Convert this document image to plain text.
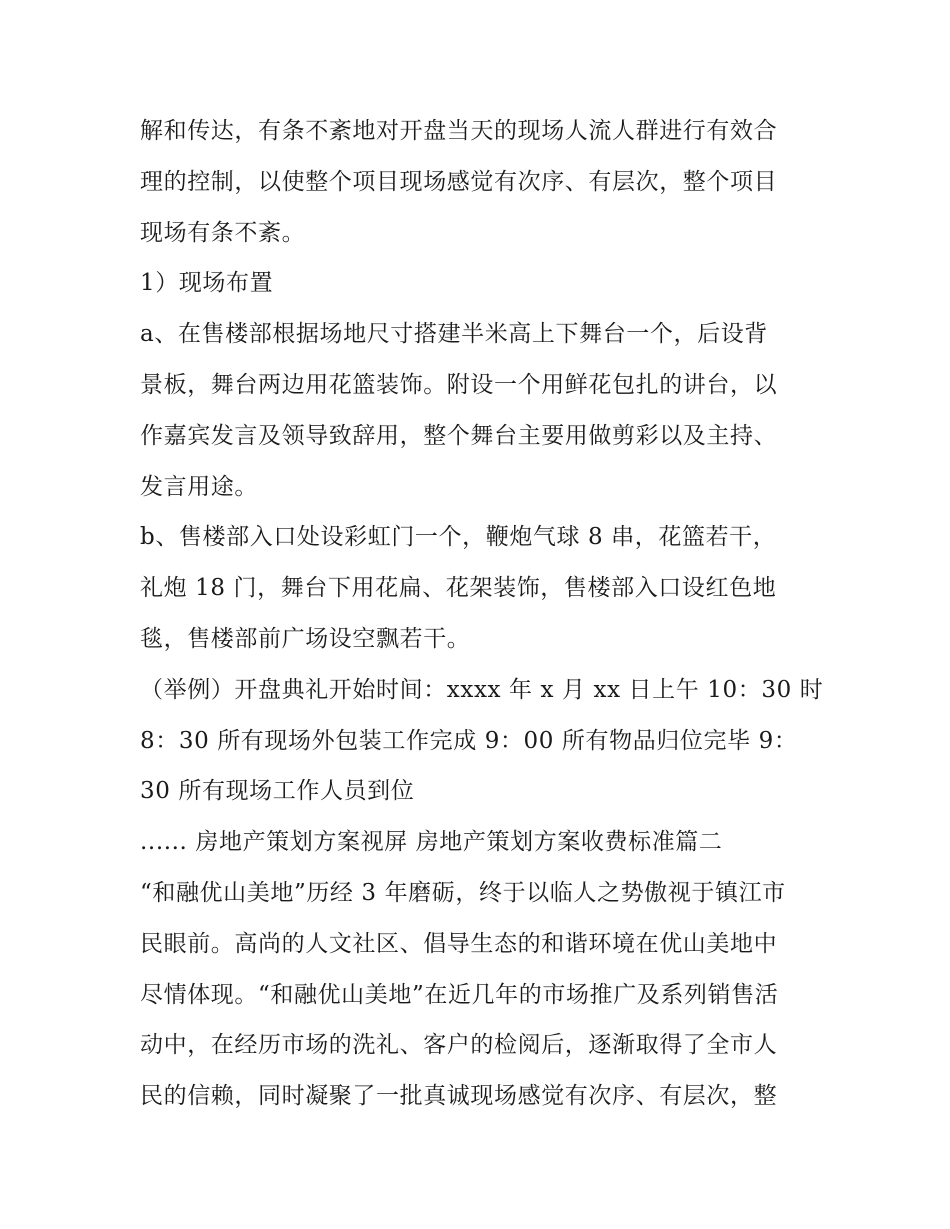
解和传达，有条不紊地对开盘当天的现场人流人群进行有效合
理的控制，以使整个项目现场感觉有次序、有层次，整个项目
现场有条不紊。
1）现场布置
a、在售楼部根据场地尺寸搭建半米高上下舞台一个，后设背
景板，舞台两边用花篮装饰。附设一个用鲜花包扎的讲台，以
作嘉宾发言及领导致辞用，整个舞台主要用做剪彩以及主持、
发言用途。
b、售楼部入口处设彩虹门一个，鞭炮气球 8 串，花篮若干，
礼炮 18 门，舞台下用花扁、花架装饰，售楼部入口设红色地
毯，售楼部前广场设空飘若干。
（举例）开盘典礼开始时间：xxxx 年 x 月 xx 日上午 10：30 时
8：30 所有现场外包装工作完成 9：00 所有物品归位完毕 9：
30 所有现场工作人员到位
...... 房地产策划方案视屏 房地产策划方案收费标准篇二
“和融优山美地”历经 3 年磨砺，终于以临人之势傲视于镇江市
民眼前。高尚的人文社区、倡导生态的和谐环境在优山美地中
尽情体现。“和融优山美地”在近几年的市场推广及系列销售活
动中，在经历市场的洗礼、客户的检阅后，逐渐取得了全市人
民的信赖，同时凝聚了一批真诚现场感觉有次序、有层次，整
